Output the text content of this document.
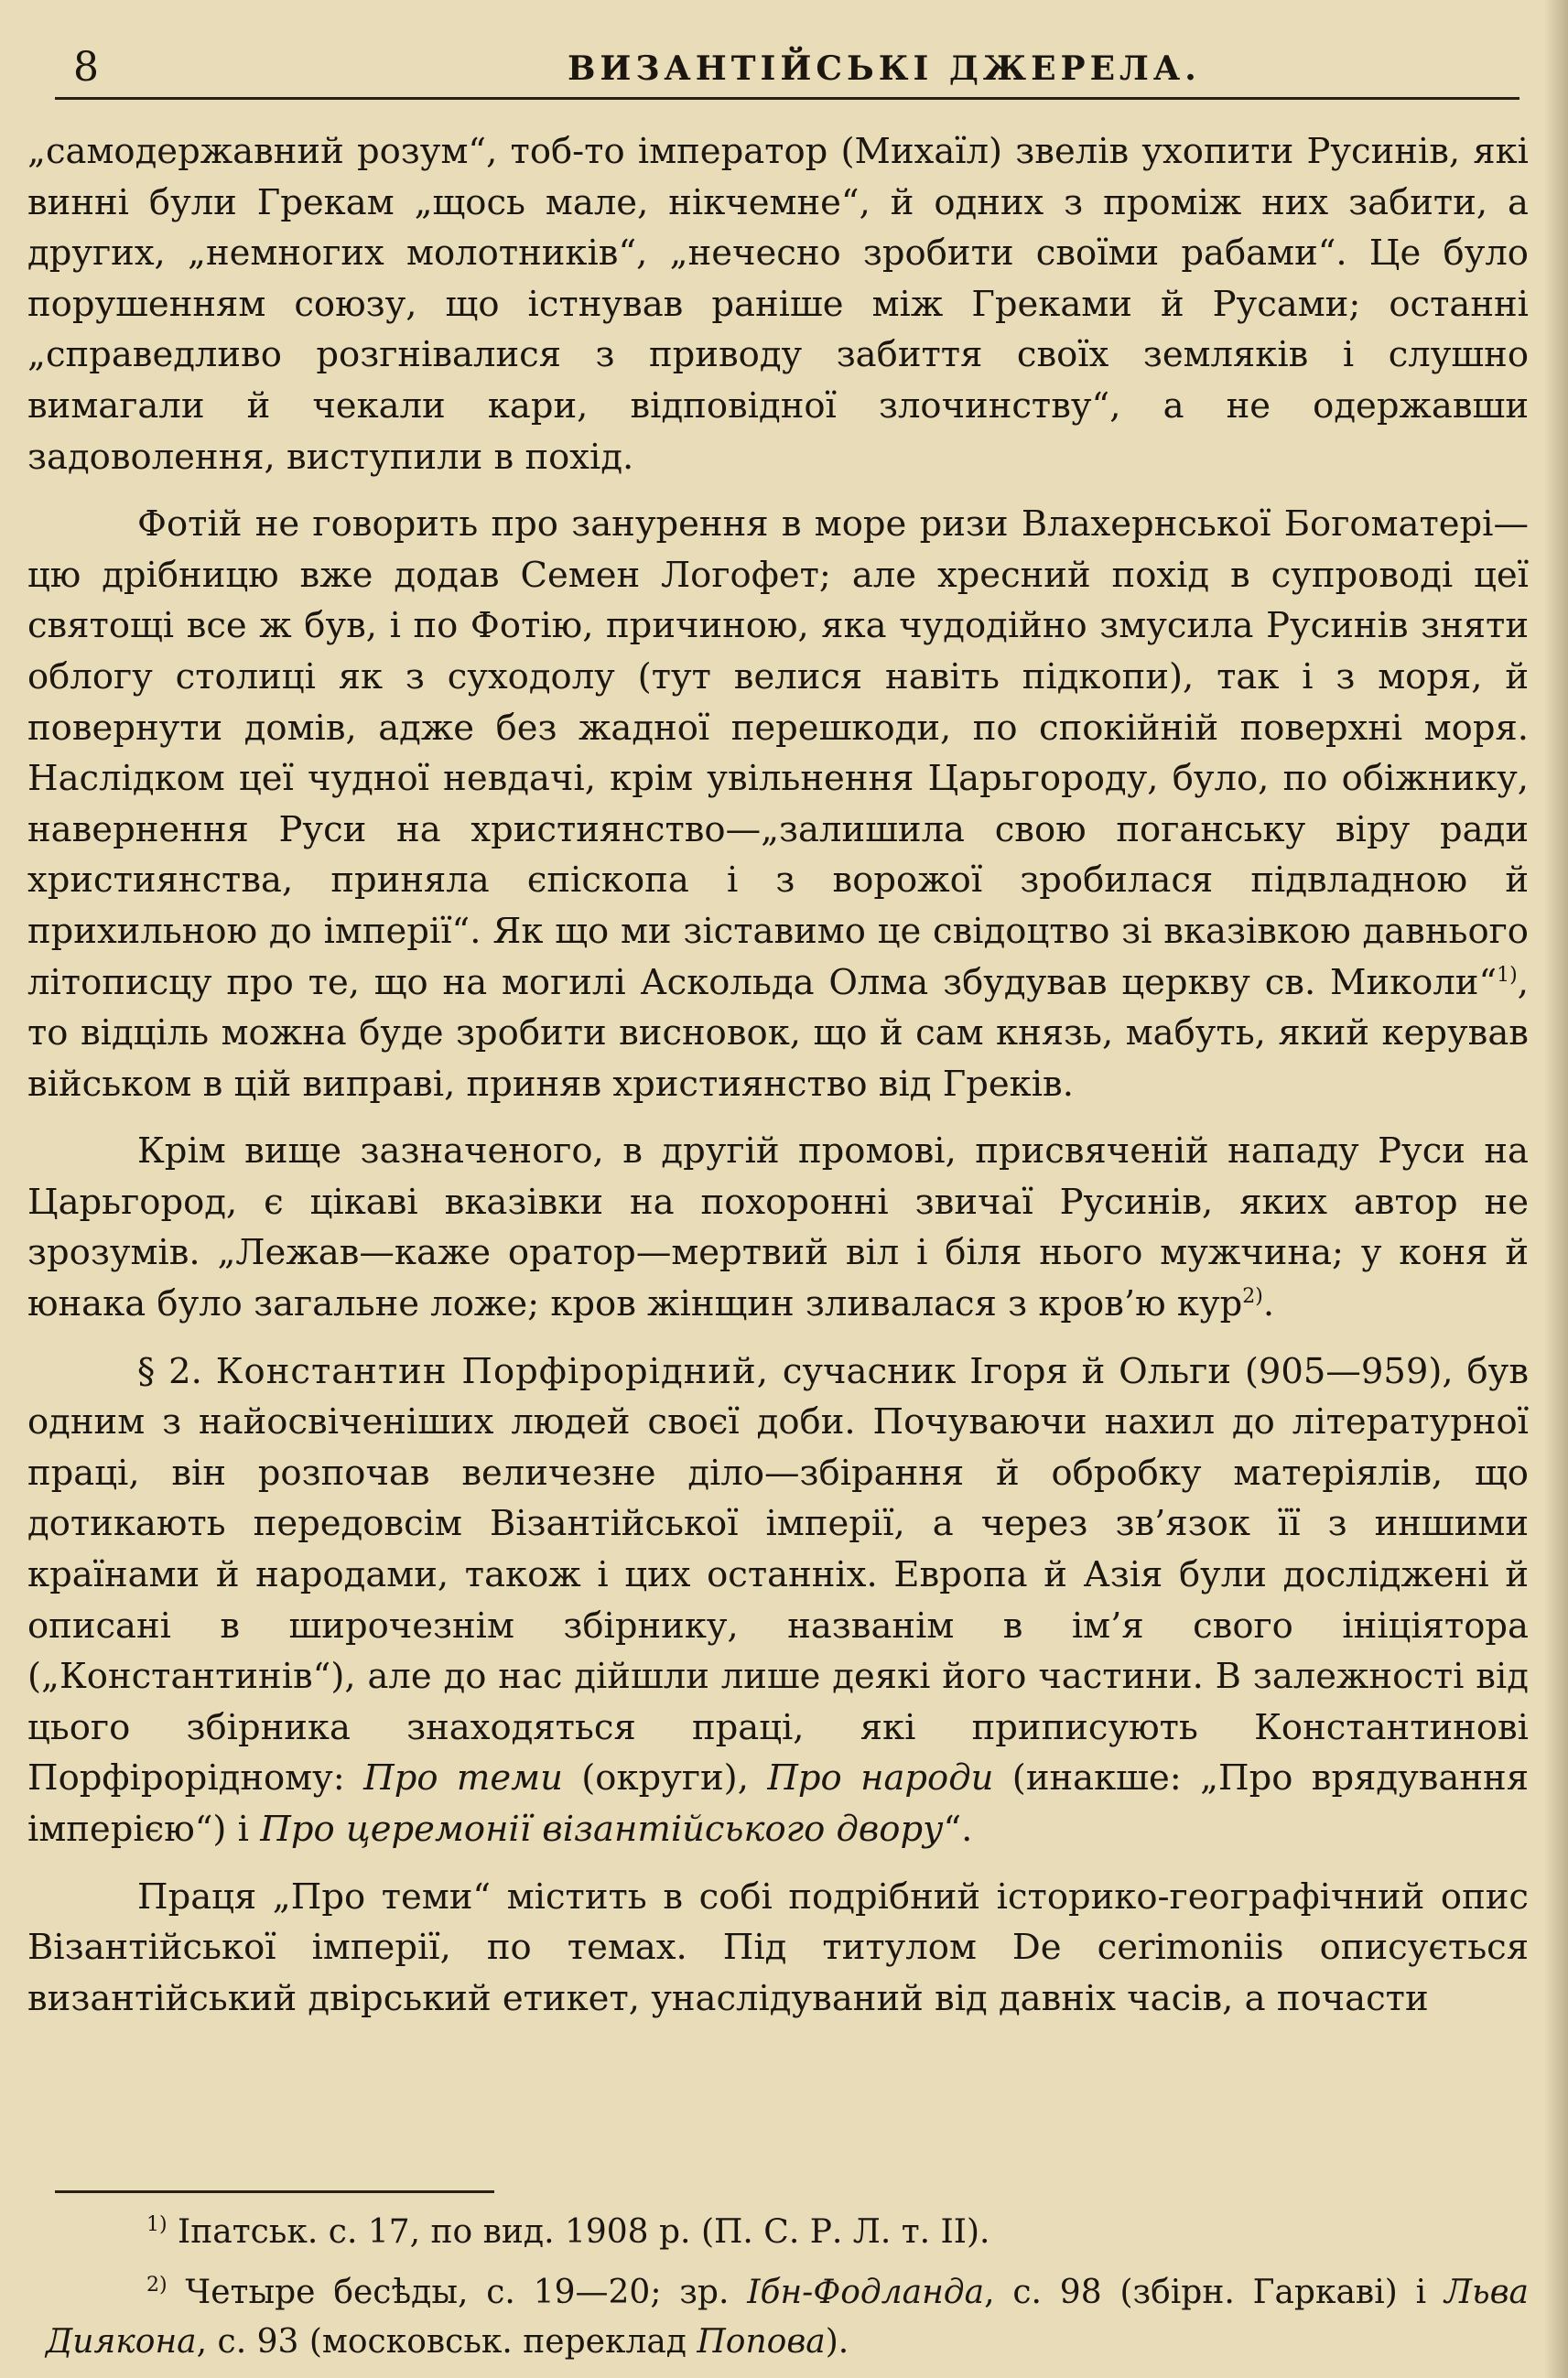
8	ВИЗАНТІЙСЬКІ ДЖЕРЕЛА.

„самодержавний розум“, тоб-то імператор (Михаїл) звелів ухопити Русинів, які винні були Грекам „щось мале, нікчемне“, й одних з проміж них забити, а других, „немногих молотників“, „нечесно зробити своїми рабами“. Це було порушенням союзу, що істнував раніше між Греками й Русами; останні „справедливо розгнівалися з приводу забиття своїх земляків і слушно вимагали й чекали кари, відповідної злочинству“, а не одержавши задоволення, виступили в похід.

Фотій не говорить про занурення в море ризи Влахернської Богоматері—цю дрібницю вже додав Семен Логофет; але хресний похід в супроводі цеї святощі все ж був, і по Фотію, причиною, яка чудодійно змусила Русинів зняти облогу столиці як з суходолу (тут велися навіть підкопи), так і з моря, й повернути домів, адже без жадної перешкоди, по спокійній поверхні моря. Наслідком цеї чудної невдачі, крім увільнення Царьгороду, було, по обіжнику, навернення Руси на християнство—„залишила свою поганську віру ради християнства, приняла єпіскопа і з ворожої зробилася підвладною й прихильною до імперії“. Як що ми зіставимо це свідоцтво зі вказівкою давнього літописцу про те, що на могилі Аскольда Олма збудував церкву св. Миколи“$^{1)}$, то відціль можна буде зробити висновок, що й сам князь, мабуть, який керував військом в цій виправі, приняв християнство від Греків.

Крім вище зазначеного, в другій промові, присвяченій нападу Руси на Царьгород, є цікаві вказівки на похоронні звичаї Русинів, яких автор не зрозумів. „Лежав—каже оратор—мертвий віл і біля нього мужчина; у коня й юнака було загальне ложе; кров жінщин зливалася з кров’ю кур$^{2)}$.

§ 2. Константин Порфірорідний, сучасник Ігоря й Ольги (905—959), був одним з найосвіченіших людей своєї доби. Почуваючи нахил до літературної праці, він розпочав величезне діло—збірання й обробку матеріялів, що дотикають передовсім Візантійської імперії, а через зв’язок її з иншими країнами й народами, також і цих останніх. Европа й Азія були досліджені й описані в широчезнім збірнику, названім в ім’я свого ініціятора („Константинів“), але до нас дійшли лише деякі його частини. В залежності від цього збірника знаходяться праці, які приписують Константинові Порфірорідному: Про теми (округи), Про народи (инакше: „Про врядування імперією“) і Про церемонії візантійського двору“.

Праця „Про теми“ містить в собі подрібний історико-географічний опис Візантійської імперії, по темах. Під титулом De cerimoniis описується византійський двірський етикет, унаслідуваний від давніх часів, а почасти

$^{1)}$ Іпатськ. с. 17, по вид. 1908 р. (П. С. Р. Л. т. II).

$^{2)}$ Четыре бесѣды, с. 19—20; зр. Ібн-Фодланда, с. 98 (збірн. Гаркаві) і Льва Диякона, с. 93 (московськ. переклад Попова).
